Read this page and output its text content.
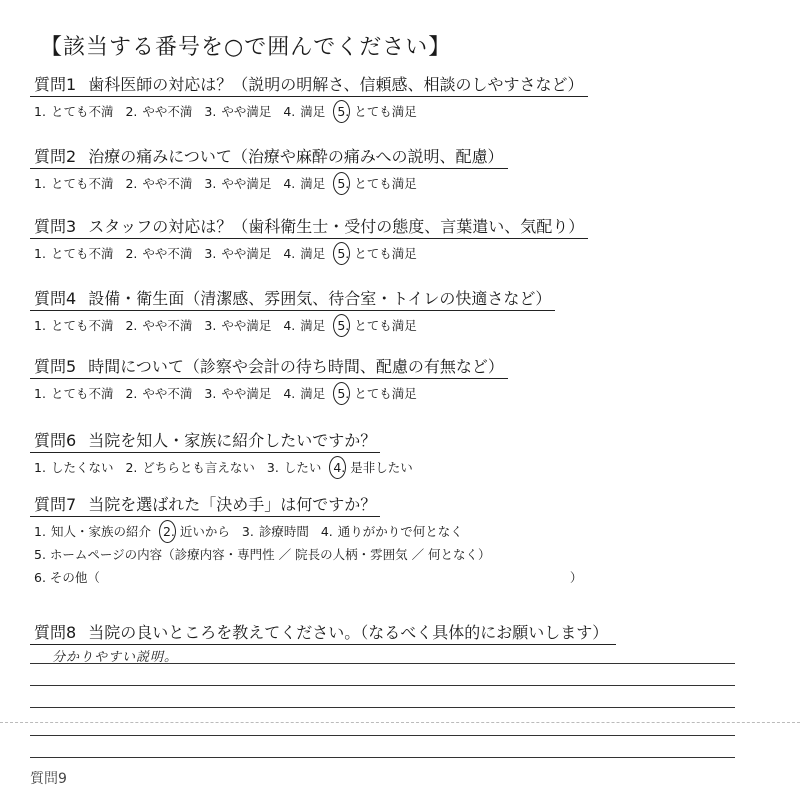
【該当する番号を○で囲んでください】
質問1 歯科医師の対応は？（説明の明解さ、信頼感、相談のしやすさなど）
1. とても不満 2. やや不満 3. やや満足 4. 満足 5. とても満足
質問2 治療の痛みについて（治療や麻酔の痛みへの説明、配慮）
1. とても不満 2. やや不満 3. やや満足 4. 満足 5. とても満足
質問3 スタッフの対応は？（歯科衛生士・受付の態度、言葉遣い、気配り）
1. とても不満 2. やや不満 3. やや満足 4. 満足 5. とても満足
質問4 設備・衛生面（清潔感、雰囲気、待合室・トイレの快適さなど）
1. とても不満 2. やや不満 3. やや満足 4. 満足 5. とても満足
質問5 時間について（診察や会計の待ち時間、配慮の有無など）
1. とても不満 2. やや不満 3. やや満足 4. 満足 5. とても満足
質問6 当院を知人・家族に紹介したいですか？
1. したくない 2. どちらとも言えない 3. したい 4. 是非したい
質問7 当院を選ばれた「決め手」は何ですか？
1. 知人・家族の紹介 2. 近いから 3. 診療時間 4. 通りがかりで何となく
5. ホームページの内容（診療内容・専門性 ／ 院長の人柄・雰囲気 ／ 何となく）
6. その他（	）
質問8 当院の良いところを教えてください。（なるべく具体的にお願いします）
分かりやすい説明。
質問9
